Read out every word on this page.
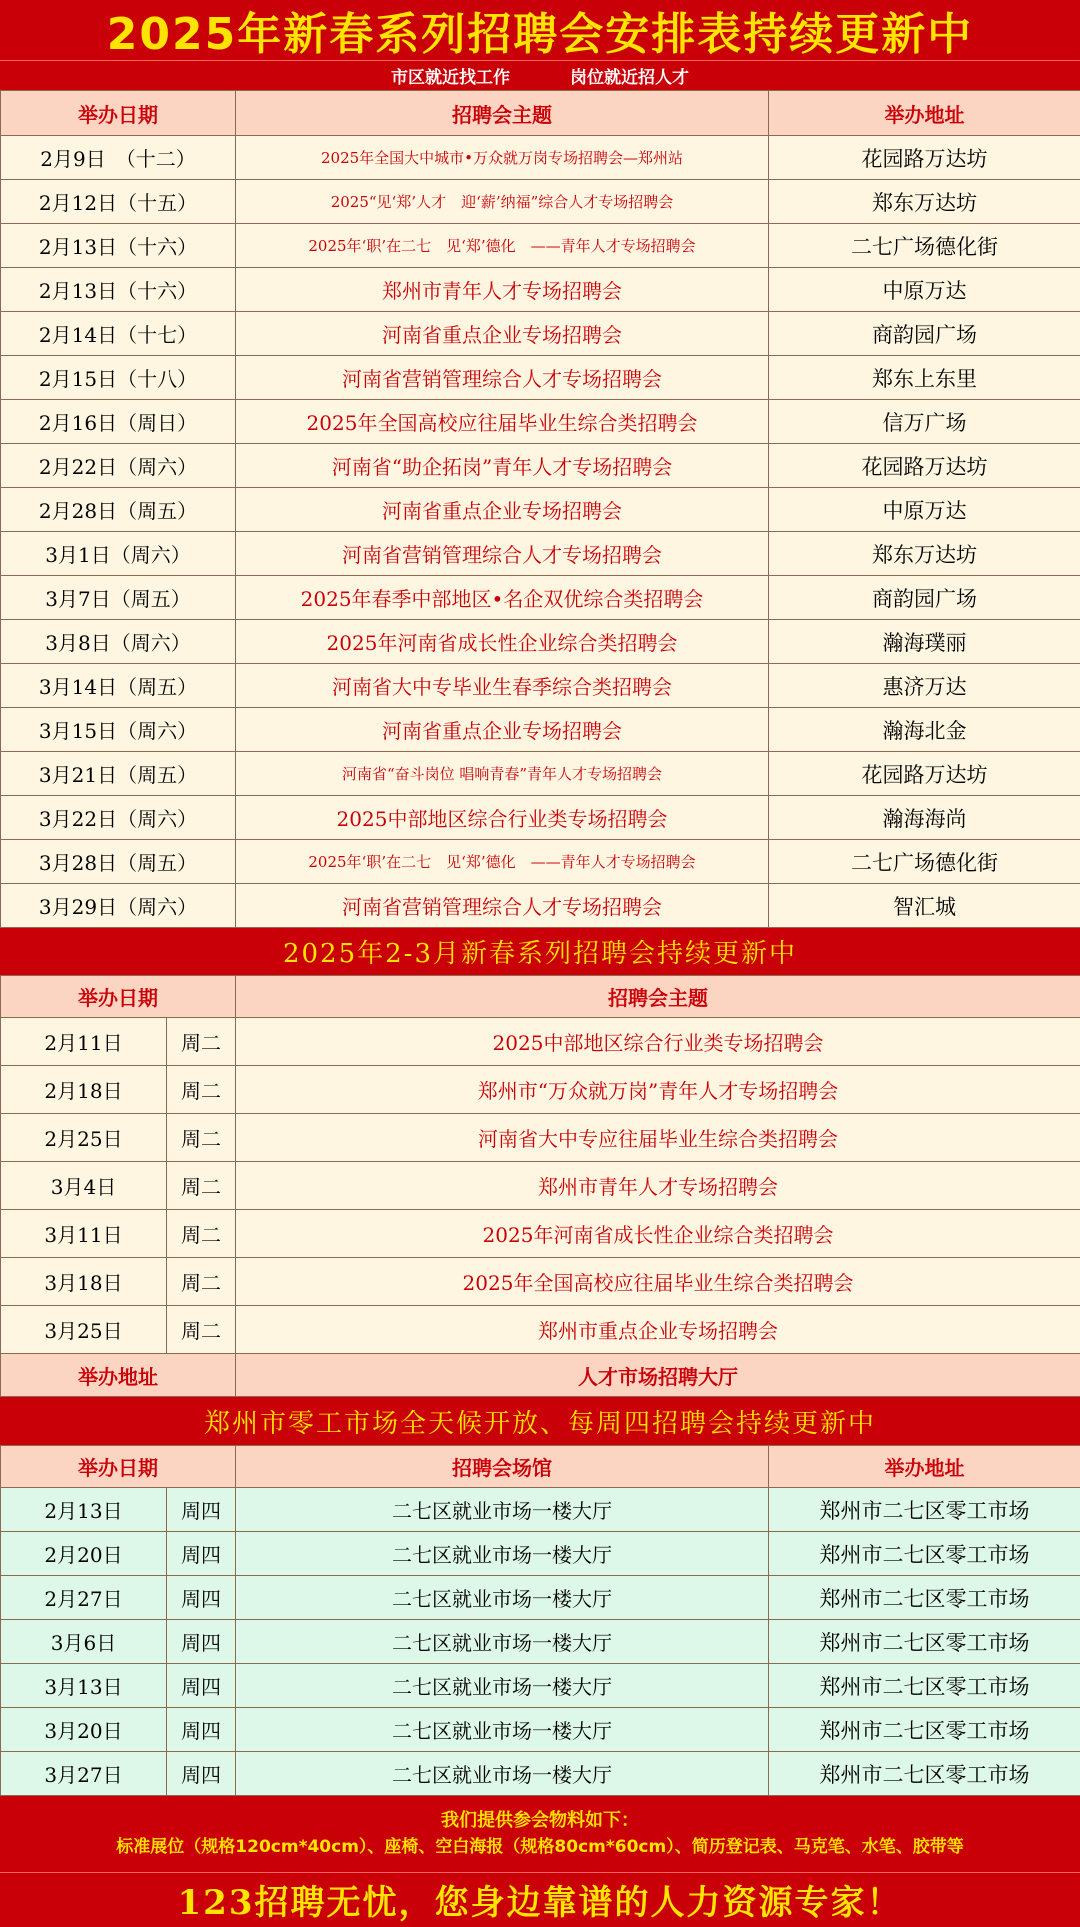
2025年新春系列招聘会安排表持续更新中
市区就近找工作	岗位就近招人才
举办日期	招聘会主题	举办地址
2月9日　（十二）	2025年全国大中城市•万众就万岗专场招聘会—郑州站	花园路万达坊
2月12日（十五）	2025“见‘郑’人才　迎‘薪’纳福”综合人才专场招聘会	郑东万达坊
2月13日（十六）	2025年‘职’在二七　见‘郑’德化　——青年人才专场招聘会	二七广场德化街
2月13日（十六）	郑州市青年人才专场招聘会	中原万达
2月14日（十七）	河南省重点企业专场招聘会	商韵园广场
2月15日（十八）	河南省营销管理综合人才专场招聘会	郑东上东里
2月16日（周日）	2025年全国高校应往届毕业生综合类招聘会	信万广场
2月22日（周六）	河南省“助企拓岗”青年人才专场招聘会	花园路万达坊
2月28日（周五）	河南省重点企业专场招聘会	中原万达
3月1日（周六）	河南省营销管理综合人才专场招聘会	郑东万达坊
3月7日（周五）	2025年春季中部地区•名企双优综合类招聘会	商韵园广场
3月8日（周六）	2025年河南省成长性企业综合类招聘会	瀚海璞丽
3月14日（周五）	河南省大中专毕业生春季综合类招聘会	惠济万达
3月15日（周六）	河南省重点企业专场招聘会	瀚海北金
3月21日（周五）	河南省“奋斗岗位 唱响青春”青年人才专场招聘会	花园路万达坊
3月22日（周六）	2025中部地区综合行业类专场招聘会	瀚海海尚
3月28日（周五）	2025年‘职’在二七　见‘郑’德化　——青年人才专场招聘会	二七广场德化街
3月29日（周六）	河南省营销管理综合人才专场招聘会	智汇城
2025年2-3月新春系列招聘会持续更新中
举办日期		招聘会主题
2月11日	周二	2025中部地区综合行业类专场招聘会
2月18日	周二	郑州市“万众就万岗”青年人才专场招聘会
2月25日	周二	河南省大中专应往届毕业生综合类招聘会
3月4日	周二	郑州市青年人才专场招聘会
3月11日	周二	2025年河南省成长性企业综合类招聘会
3月18日	周二	2025年全国高校应往届毕业生综合类招聘会
3月25日	周二	郑州市重点企业专场招聘会
举办地址		人才市场招聘大厅
郑州市零工市场全天候开放、每周四招聘会持续更新中
举办日期		招聘会场馆	举办地址
2月13日	周四	二七区就业市场一楼大厅	郑州市二七区零工市场
2月20日	周四	二七区就业市场一楼大厅	郑州市二七区零工市场
2月27日	周四	二七区就业市场一楼大厅	郑州市二七区零工市场
3月6日	周四	二七区就业市场一楼大厅	郑州市二七区零工市场
3月13日	周四	二七区就业市场一楼大厅	郑州市二七区零工市场
3月20日	周四	二七区就业市场一楼大厅	郑州市二七区零工市场
3月27日	周四	二七区就业市场一楼大厅	郑州市二七区零工市场
我们提供参会物料如下：
标准展位（规格120cm*40cm）、座椅、空白海报（规格80cm*60cm）、简历登记表、马克笔、水笔、胶带等
123招聘无忧，您身边靠谱的人力资源专家！
